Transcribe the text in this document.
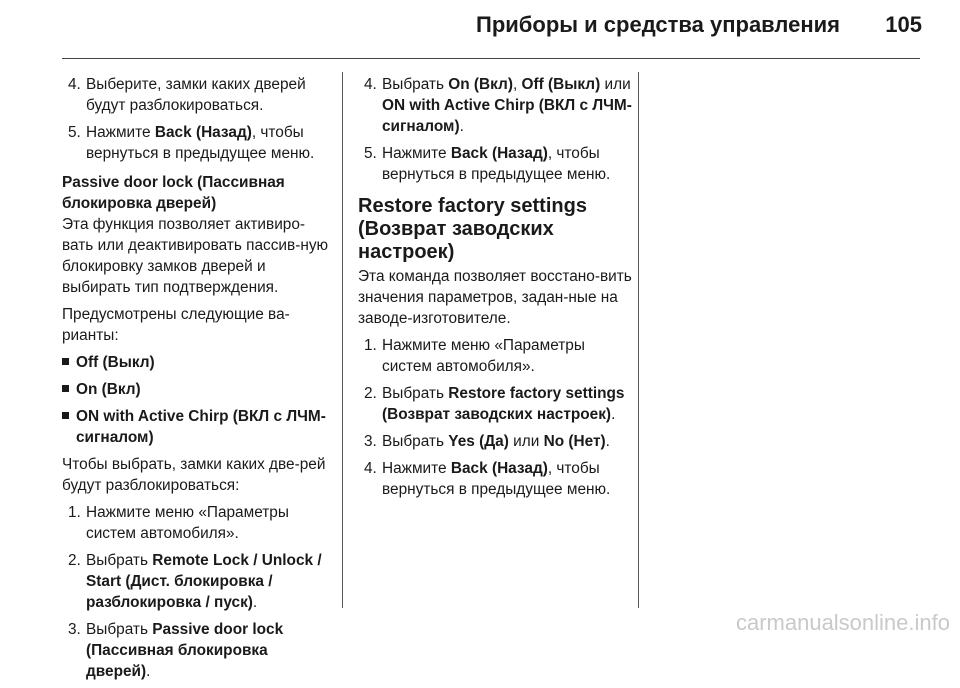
Приборы и средства управления 105
4. Выберите, замки каких дверей будут разблокироваться.
5. Нажмите Back (Назад), чтобы вернуться в предыдущее меню.
Passive door lock (Пассивная блокировка дверей)

Эта функция позволяет активиро-вать или деактивировать пассив-ную блокировку замков дверей и выбирать тип подтверждения.

Предусмотрены следующие ва-рианты:

Off (Выкл)
On (Вкл)
ON with Active Chirp (ВКЛ с ЛЧМ-сигналом)

Чтобы выбрать, замки каких две-рей будут разблокироваться:

1. Нажмите меню «Параметры систем автомобиля».
2. Выбрать Remote Lock / Unlock / Start (Дист. блокировка / разблокировка / пуск).
3. Выбрать Passive door lock (Пассивная блокировка дверей).
4. Выбрать On (Вкл), Off (Выкл) или ON with Active Chirp (ВКЛ с ЛЧМ-сигналом).
5. Нажмите Back (Назад), чтобы вернуться в предыдущее меню.
Restore factory settings (Возврат заводских настроек)

Эта команда позволяет восстано-вить значения параметров, задан-ные на заводе-изготовителе.

1. Нажмите меню «Параметры систем автомобиля».
2. Выбрать Restore factory settings (Возврат заводских настроек).
3. Выбрать Yes (Да) или No (Нет).
4. Нажмите Back (Назад), чтобы вернуться в предыдущее меню.
carmanualsonline.info
